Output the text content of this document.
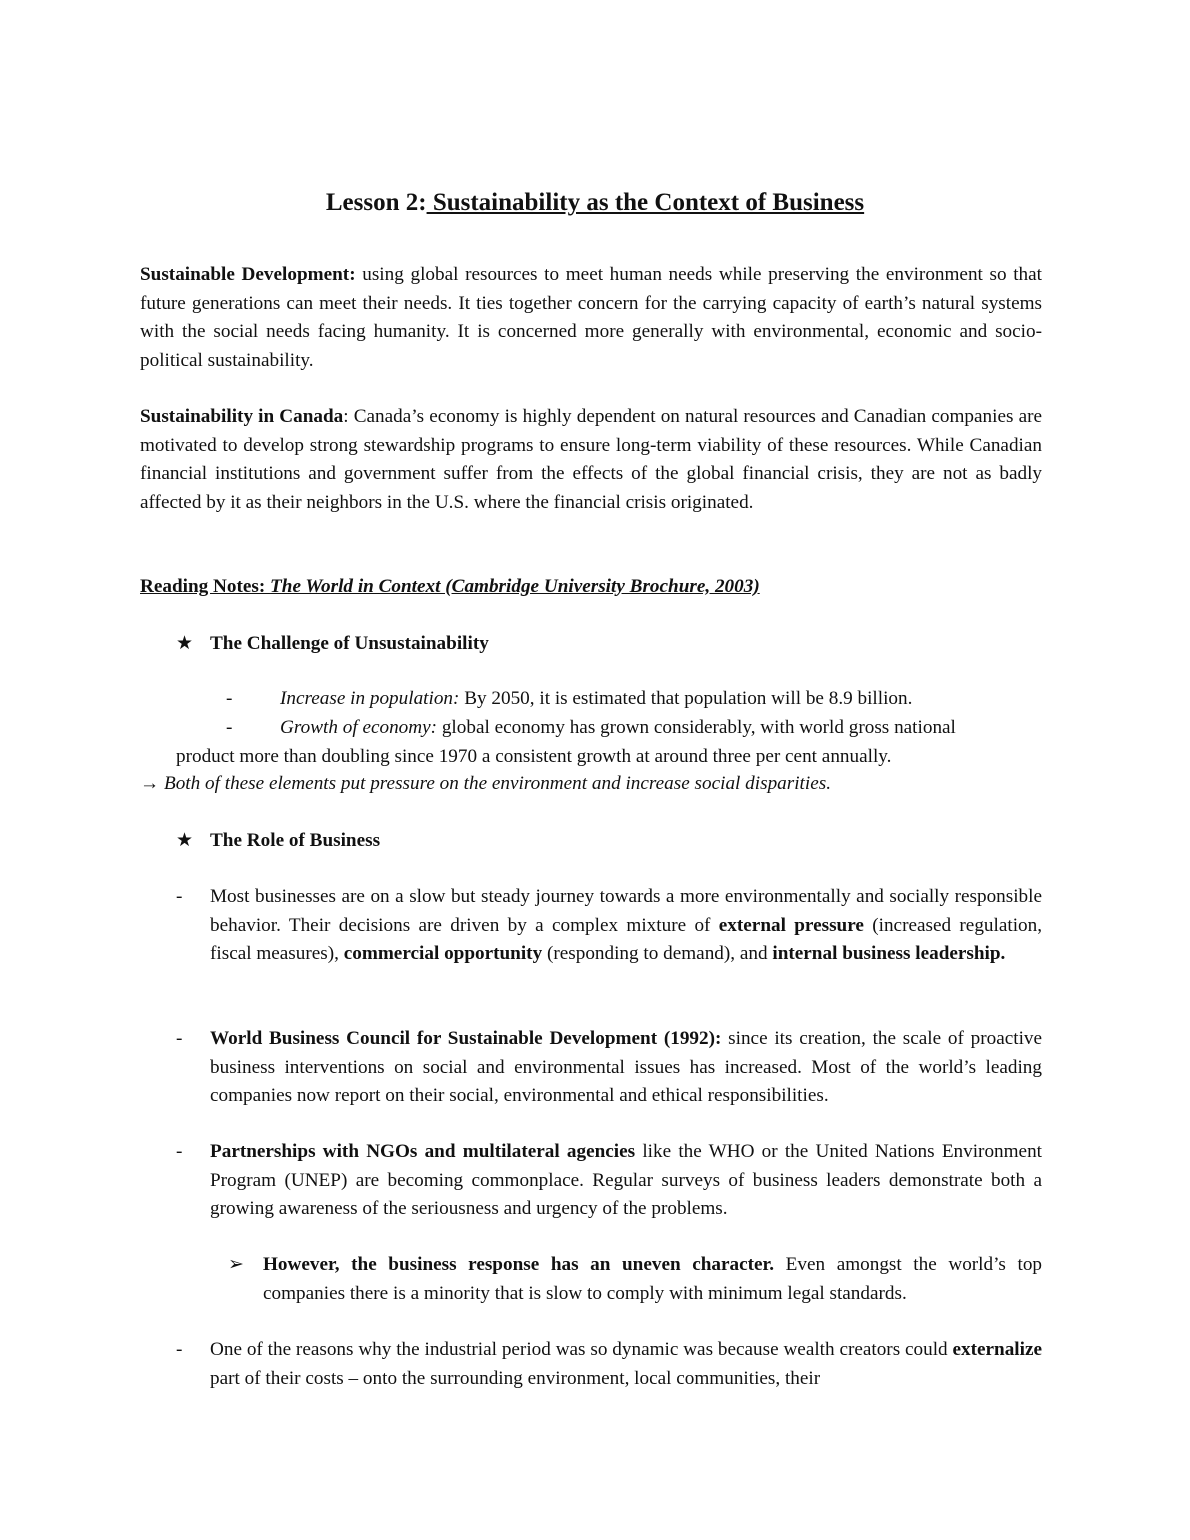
Lesson 2: Sustainability as the Context of Business

Sustainable Development: using global resources to meet human needs while preserving the environment so that future generations can meet their needs. It ties together concern for the carrying capacity of earth’s natural systems with the social needs facing humanity. It is concerned more generally with environmental, economic and socio-political sustainability.

Sustainability in Canada: Canada’s economy is highly dependent on natural resources and Canadian companies are motivated to develop strong stewardship programs to ensure long-term viability of these resources. While Canadian financial institutions and government suffer from the effects of the global financial crisis, they are not as badly affected by it as their neighbors in the U.S. where the financial crisis originated.

Reading Notes: The World in Context (Cambridge University Brochure, 2003)

★ The Challenge of Unsustainability

- Increase in population: By 2050, it is estimated that population will be 8.9 billion.

- Growth of economy: global economy has grown considerably, with world gross national
product more than doubling since 1970 a consistent growth at around three per cent annually.

→ Both of these elements put pressure on the environment and increase social disparities.

★ The Role of Business

- Most businesses are on a slow but steady journey towards a more environmentally and socially responsible behavior. Their decisions are driven by a complex mixture of external pressure (increased regulation, fiscal measures), commercial opportunity (responding to demand), and internal business leadership.

- World Business Council for Sustainable Development (1992): since its creation, the scale of proactive business interventions on social and environmental issues has increased. Most of the world’s leading companies now report on their social, environmental and ethical responsibilities.

- Partnerships with NGOs and multilateral agencies like the WHO or the United Nations Environment Program (UNEP) are becoming commonplace. Regular surveys of business leaders demonstrate both a growing awareness of the seriousness and urgency of the problems.

➢ However, the business response has an uneven character. Even amongst the world’s top companies there is a minority that is slow to comply with minimum legal standards.

- One of the reasons why the industrial period was so dynamic was because wealth creators could externalize part of their costs – onto the surrounding environment, local communities, their
